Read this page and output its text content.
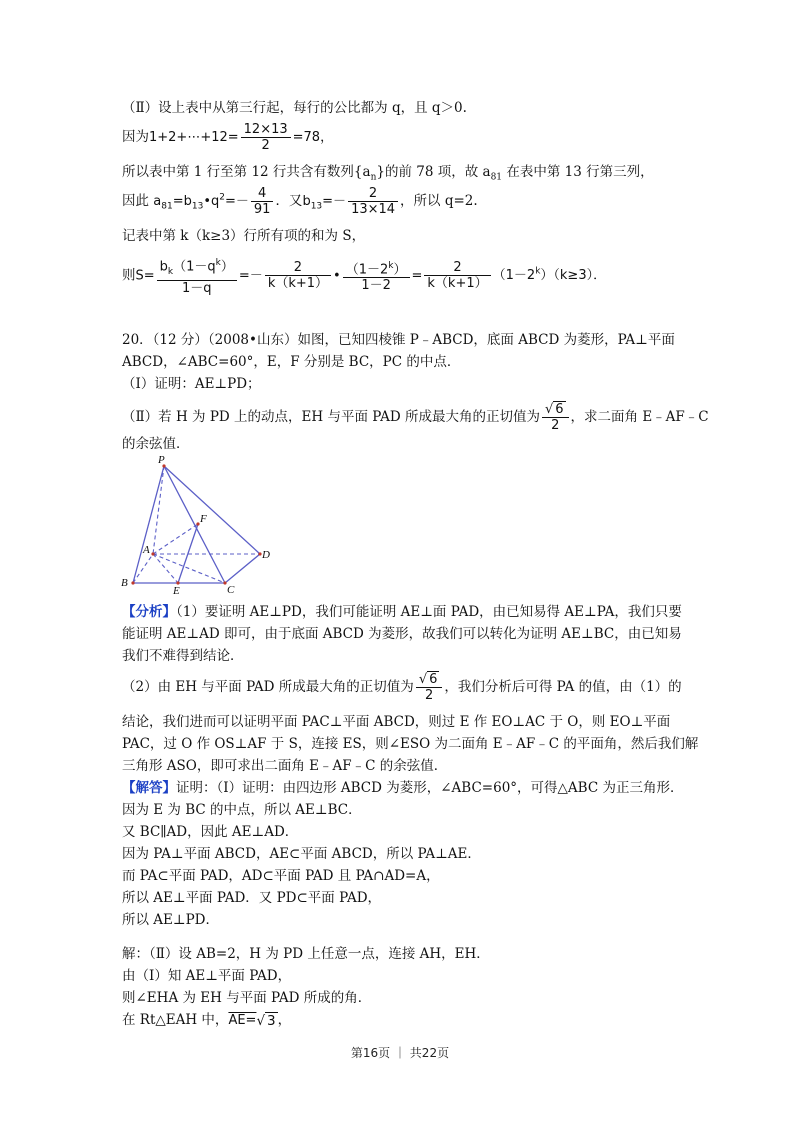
（Ⅱ）设上表中从第三行起，每行的公比都为 q，且 q＞0.
因为1+2+⋯+12= $\frac{12\times 13}{2} =78$，
所以表中第 1 行至第 12 行共含有数列$\{a_n\}$的前 78 项，故 $a_{81}$ 在表中第 13 行第三列，
因此 $a_{81}=b_{13}•q^2=- \frac{4}{91}$ ．又$b_{13}=- \frac{2}{13\times 14}$ ，所以 q=2.
记表中第 k（k≥3）行所有项的和为 S，
则$S= \frac{b_k(1-q^k)}{1-q} =- \frac{2}{k(k+1)}$ • $\frac{(1-2^k)}{1-2} = \frac{2}{k(k+1)} (1-2^k)(k\ge 3)$．
20．（12 分）（2008•山东）如图，已知四棱锥 P﹣ABCD，底面 ABCD 为菱形，PA⊥平面
ABCD，∠ABC=60°，E，F 分别是 BC，PC 的中点．
（Ⅰ）证明：AE⊥PD；
（Ⅱ）若 H 为 PD 上的动点，EH 与平面 PAD 所成最大角的正切值为 $\frac{√ 6}{2}$ ，求二面角 E﹣AF﹣C
的余弦值．
P
F
A	D
B
E	C
【分析】（1）要证明 AE⊥PD，我们可能证明 AE⊥面 PAD，由已知易得 AE⊥PA，我们只要
能证明 AE⊥AD 即可，由于底面 ABCD 为菱形，故我们可以转化为证明 AE⊥BC，由已知易
我们不难得到结论．
（2）由 EH 与平面 PAD 所成最大角的正切值为 $\frac{√ 6}{2}$ ，我们分析后可得 PA 的值，由（1）的
结论，我们进而可以证明平面 PAC⊥平面 ABCD，则过 E 作 EO⊥AC 于 O，则 EO⊥平面
PAC，过 O 作 OS⊥AF 于 S，连接 ES，则∠ESO 为二面角 E﹣AF﹣C 的平面角，然后我们解
三角形 ASO，即可求出二面角 E﹣AF﹣C 的余弦值．
【解答】证明：（Ⅰ）证明：由四边形 ABCD 为菱形，∠ABC=60°，可得△ABC 为正三角形．
因为 E 为 BC 的中点，所以 AE⊥BC．
又 BC∥AD，因此 AE⊥AD．
因为 PA⊥平面 ABCD，AE⊂平面 ABCD，所以 PA⊥AE．
而 PA⊂平面 PAD，AD⊂平面 PAD 且 PA∩AD=A，
所以 AE⊥平面 PAD．又 PD⊂平面 PAD，
所以 AE⊥PD．
解：（Ⅱ）设 AB=2，H 为 PD 上任意一点，连接 AH，EH．
由（Ⅰ）知 AE⊥平面 PAD，
则∠EHA 为 EH 与平面 PAD 所成的角．
在 Rt△EAH 中，AE=√ 3 ，
第16页 ｜ 共22页
